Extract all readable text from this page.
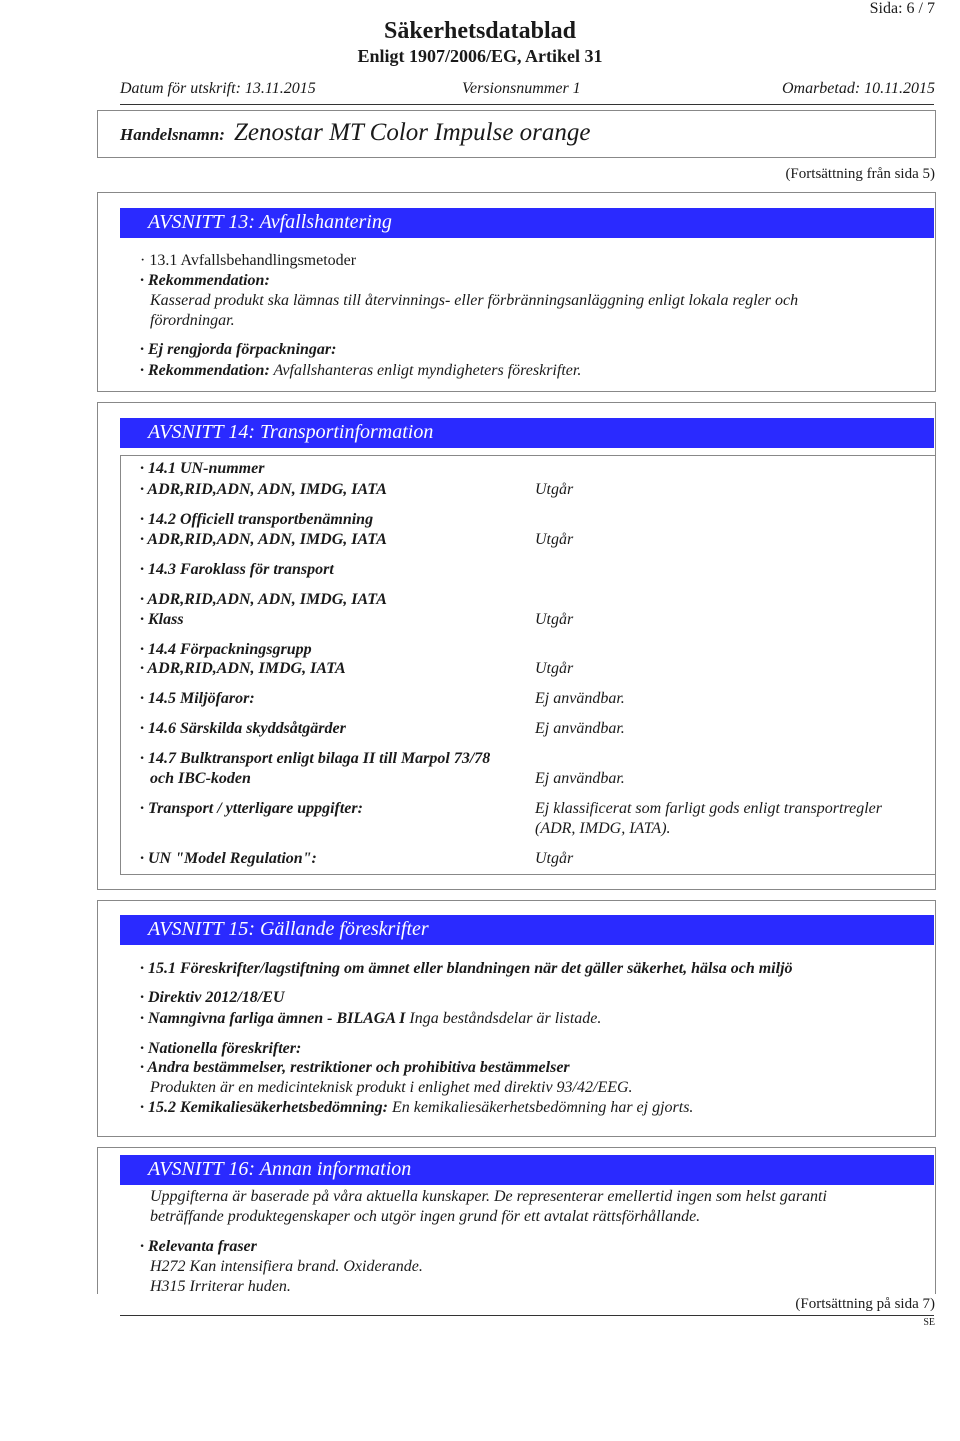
Sida: 6 / 7
Säkerhetsdatablad
Enligt 1907/2006/EG, Artikel 31
Datum för utskrift: 13.11.2015	Versionsnummer 1	Omarbetad: 10.11.2015
Handelsnamn: Zenostar MT Color Impulse orange
(Fortsättning från sida 5)
AVSNITT 13: Avfallshantering
· 13.1 Avfallsbehandlingsmetoder
· Rekommendation:
Kasserad produkt ska lämnas till återvinnings- eller förbränningsanläggning enligt lokala regler och
förordningar.
· Ej rengjorda förpackningar:
· Rekommendation: Avfallshanteras enligt myndigheters föreskrifter.
AVSNITT 14: Transportinformation
· 14.1 UN-nummer
· ADR,RID,ADN, ADN, IMDG, IATA	Utgår
· 14.2 Officiell transportbenämning
· ADR,RID,ADN, ADN, IMDG, IATA	Utgår
· 14.3 Faroklass för transport
· ADR,RID,ADN, ADN, IMDG, IATA
· Klass	Utgår
· 14.4 Förpackningsgrupp
· ADR,RID,ADN, IMDG, IATA	Utgår
· 14.5 Miljöfaror:	Ej användbar.
· 14.6 Särskilda skyddsåtgärder	Ej användbar.
· 14.7 Bulktransport enligt bilaga II till Marpol 73/78
och IBC-koden	Ej användbar.
· Transport / ytterligare uppgifter:	Ej klassificerat som farligt gods enligt transportregler
(ADR, IMDG, IATA).
· UN "Model Regulation":	Utgår
AVSNITT 15: Gällande föreskrifter
· 15.1 Föreskrifter/lagstiftning om ämnet eller blandningen när det gäller säkerhet, hälsa och miljö
· Direktiv 2012/18/EU
· Namngivna farliga ämnen - BILAGA I Inga beståndsdelar är listade.
· Nationella föreskrifter:
· Andra bestämmelser, restriktioner och prohibitiva bestämmelser
Produkten är en medicinteknisk produkt i enlighet med direktiv 93/42/EEG.
· 15.2 Kemikaliesäkerhetsbedömning: En kemikaliesäkerhetsbedömning har ej gjorts.
AVSNITT 16: Annan information
Uppgifterna är baserade på våra aktuella kunskaper. De representerar emellertid ingen som helst garanti
beträffande produktegenskaper och utgör ingen grund för ett avtalat rättsförhållande.
· Relevanta fraser
H272 Kan intensifiera brand. Oxiderande.
H315 Irriterar huden.
(Fortsättning på sida 7)
SE
